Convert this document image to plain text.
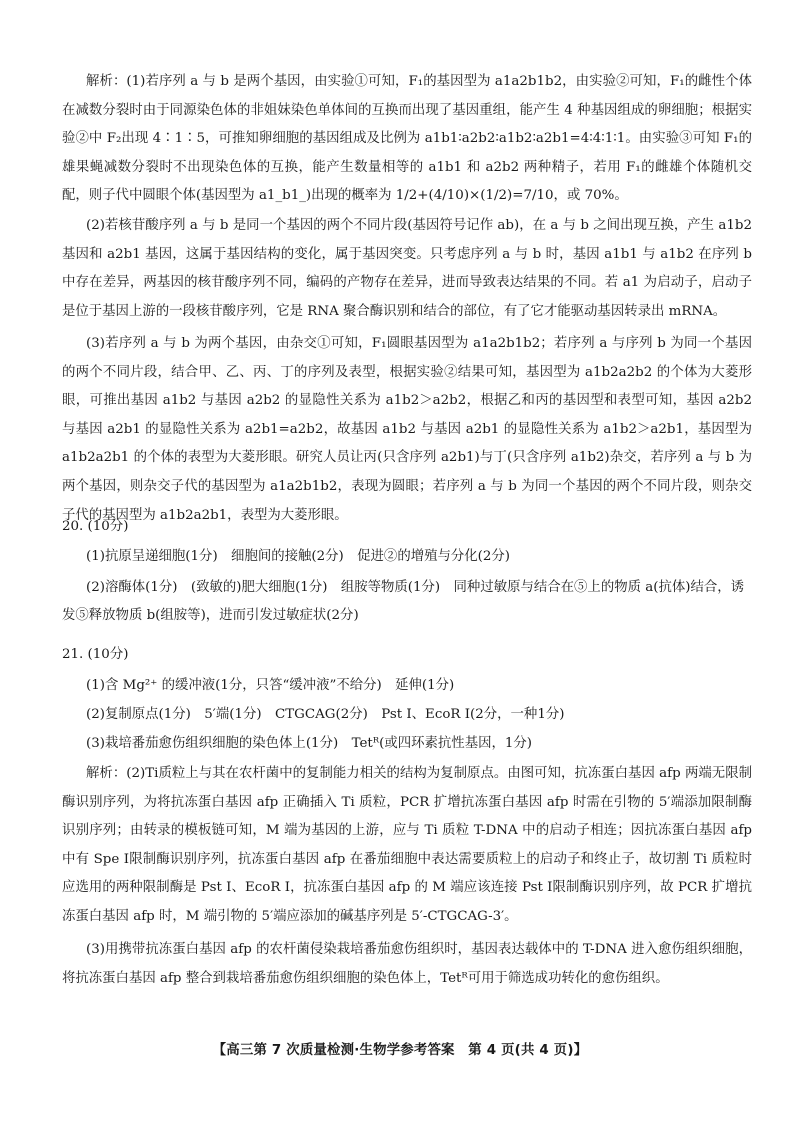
解析：(1)若序列 a 与 b 是两个基因，由实验①可知，F₁的基因型为 a1a2b1b2，由实验②可知，F₁的雌性个体在减数分裂时由于同源染色体的非姐妹染色单体间的互换而出现了基因重组，能产生 4 种基因组成的卵细胞；根据实验②中 F₂出现 4∶1∶5，可推知卵细胞的基因组成及比例为 a1b1∶a2b2∶a1b2∶a2b1=4∶4∶1∶1。由实验③可知 F₁的雄果蝇减数分裂时不出现染色体的互换，能产生数量相等的 a1b1 和 a2b2 两种精子，若用 F₁的雌雄个体随机交配，则子代中圆眼个体(基因型为 a1_b1_)出现的概率为 1/2+(4/10)×(1/2)=7/10，或 70%。

(2)若核苷酸序列 a 与 b 是同一个基因的两个不同片段(基因符号记作 ab)，在 a 与 b 之间出现互换，产生 a1b2 基因和 a2b1 基因，这属于基因结构的变化，属于基因突变。只考虑序列 a 与 b 时，基因 a1b1 与 a1b2 在序列 b 中存在差异，两基因的核苷酸序列不同，编码的产物存在差异，进而导致表达结果的不同。若 a1 为启动子，启动子是位于基因上游的一段核苷酸序列，它是 RNA 聚合酶识别和结合的部位，有了它才能驱动基因转录出 mRNA。

(3)若序列 a 与 b 为两个基因，由杂交①可知，F₁圆眼基因型为 a1a2b1b2；若序列 a 与序列 b 为同一个基因的两个不同片段，结合甲、乙、丙、丁的序列及表型，根据实验②结果可知，基因型为 a1b2a2b2 的个体为大菱形眼，可推出基因 a1b2 与基因 a2b2 的显隐性关系为 a1b2＞a2b2，根据乙和丙的基因型和表型可知，基因 a2b2 与基因 a2b1 的显隐性关系为 a2b1=a2b2，故基因 a1b2 与基因 a2b1 的显隐性关系为 a1b2＞a2b1，基因型为 a1b2a2b1 的个体的表型为大菱形眼。研究人员让丙(只含序列 a2b1)与丁(只含序列 a1b2)杂交，若序列 a 与 b 为两个基因，则杂交子代的基因型为 a1a2b1b2，表现为圆眼；若序列 a 与 b 为同一个基因的两个不同片段，则杂交子代的基因型为 a1b2a2b1，表型为大菱形眼。

20. (10分)

(1)抗原呈递细胞(1分)　细胞间的接触(2分)　促进②的增殖与分化(2分)

(2)溶酶体(1分)　(致敏的)肥大细胞(1分)　组胺等物质(1分)　同种过敏原与结合在⑤上的物质 a(抗体)结合，诱

发⑤释放物质 b(组胺等)，进而引发过敏症状(2分)

21. (10分)

(1)含 Mg²⁺ 的缓冲液(1分，只答“缓冲液”不给分)　延伸(1分)

(2)复制原点(1分)　5′端(1分)　CTGCAG(2分)　Pst Ⅰ、EcoR Ⅰ(2分，一种1分)

(3)栽培番茄愈伤组织细胞的染色体上(1分)　Tetᴿ(或四环素抗性基因，1分)

解析：(2)Ti质粒上与其在农杆菌中的复制能力相关的结构为复制原点。由图可知，抗冻蛋白基因 afp 两端无限制酶识别序列，为将抗冻蛋白基因 afp 正确插入 Ti 质粒，PCR 扩增抗冻蛋白基因 afp 时需在引物的 5′端添加限制酶识别序列；由转录的模板链可知，M 端为基因的上游，应与 Ti 质粒 T-DNA 中的启动子相连；因抗冻蛋白基因 afp 中有 Spe Ⅰ限制酶识别序列，抗冻蛋白基因 afp 在番茄细胞中表达需要质粒上的启动子和终止子，故切割 Ti 质粒时应选用的两种限制酶是 Pst Ⅰ、EcoR Ⅰ，抗冻蛋白基因 afp 的 M 端应该连接 Pst Ⅰ限制酶识别序列，故 PCR 扩增抗冻蛋白基因 afp 时，M 端引物的 5′端应添加的碱基序列是 5′-CTGCAG-3′。

(3)用携带抗冻蛋白基因 afp 的农杆菌侵染栽培番茄愈伤组织时，基因表达载体中的 T-DNA 进入愈伤组织细胞，将抗冻蛋白基因 afp 整合到栽培番茄愈伤组织细胞的染色体上，Tetᴿ可用于筛选成功转化的愈伤组织。

【高三第 7 次质量检测·生物学参考答案　第 4 页(共 4 页)】
